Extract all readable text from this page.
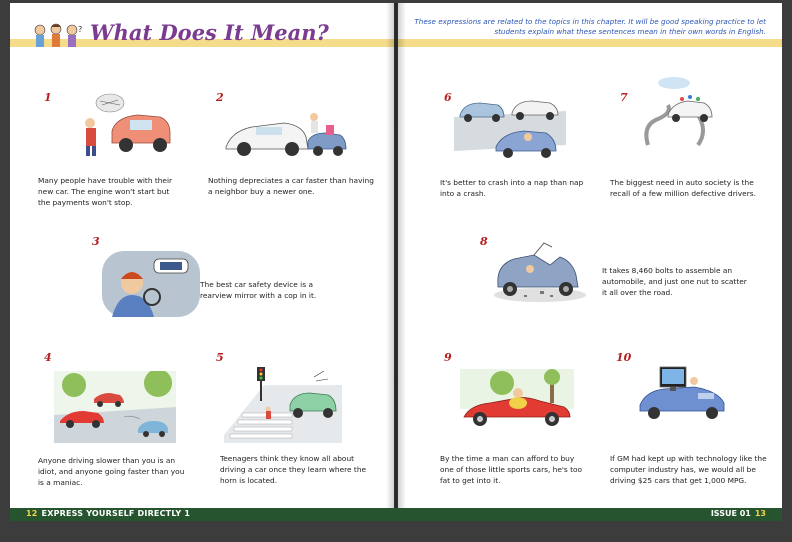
? What Does It Mean?
1
Many people have trouble with their new car. The engine won't start but the payments won't stop.
2
Nothing depreciates a car faster than having a neighbor buy a newer one.
3
The best car safety device is a rearview mirror with a cop in it.
4
Anyone driving slower than you is an idiot, and anyone going faster than you is a maniac.
5
Teenagers think they know all about driving a car once they learn where the horn is located.
These expressions are related to the topics in this chapter. It will be good speaking practice to let students explain what these sentences mean in their own words in English.
6
It's better to crash into a nap than nap into a crash.
7
The biggest need in auto society is the recall of a few million defective drivers.
8
It takes 8,460 bolts to assemble an automobile, and just one nut to scatter it all over the road.
9
By the time a man can afford to buy one of those little sports cars, he's too fat to get into it.
10
If GM had kept up with technology like the computer industry has, we would all be driving $25 cars that get 1,000 MPG.
12 EXPRESS YOURSELF DIRECTLY 1	ISSUE 01 13
